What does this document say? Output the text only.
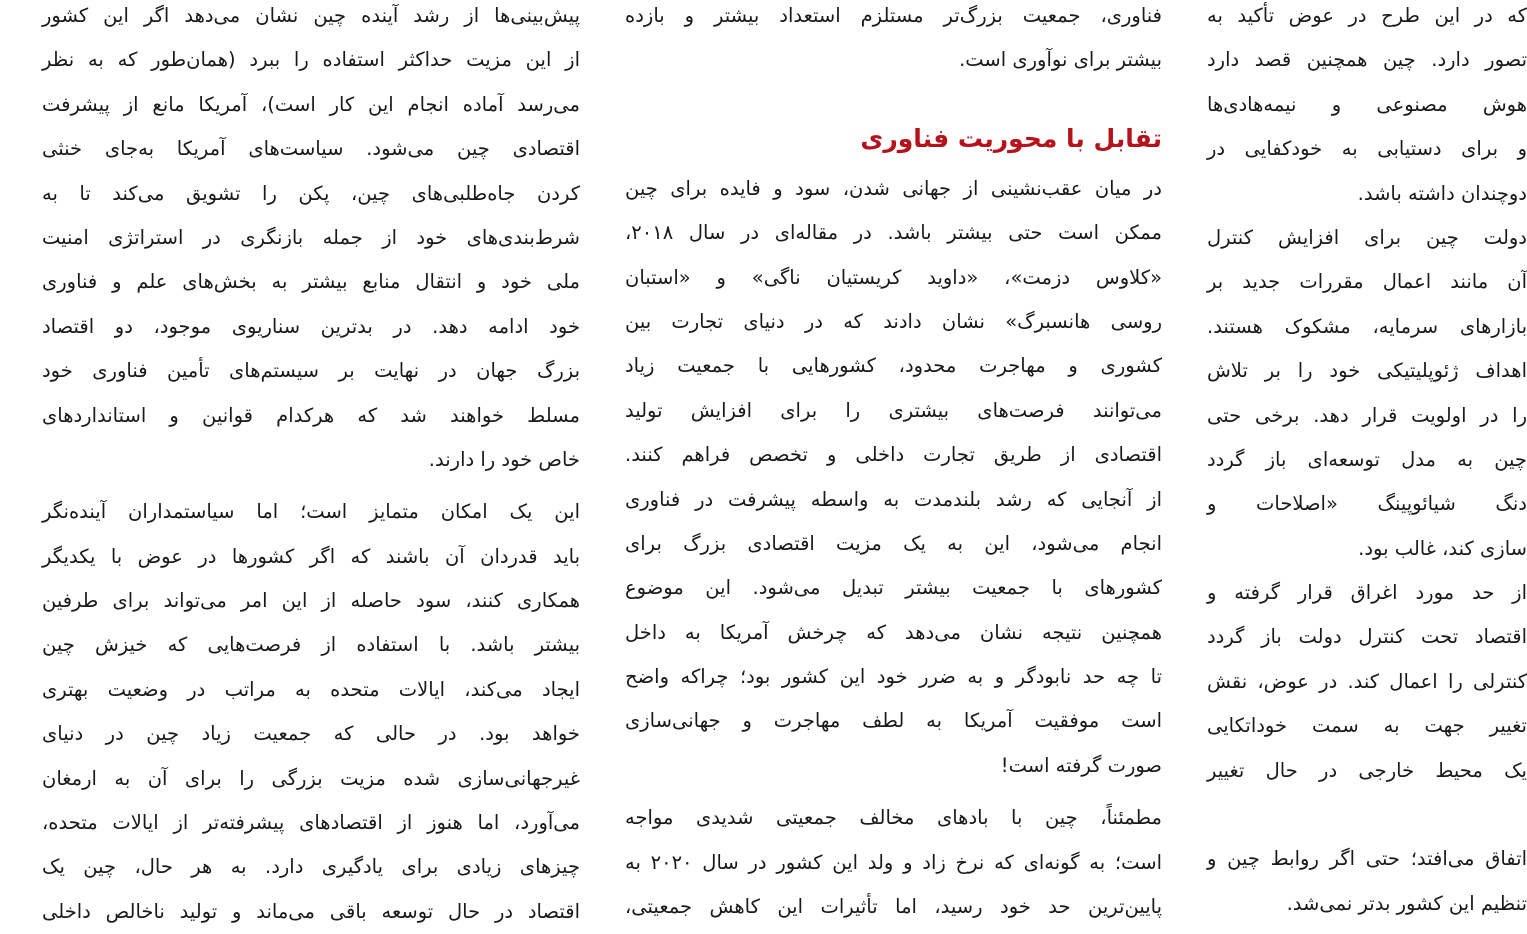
پیش‌بینی‌ها از رشد آینده چین نشان می‌دهد اگر این کشور
از این مزیت حداکثر استفاده را ببرد (همان‌طور که به نظر
می‌رسد آماده انجام این کار است)، آمریکا مانع از پیشرفت
اقتصادی چین می‌شود. سیاست‌های آمریکا به‌جای خنثی
کردن جاه‌طلبی‌های چین، پکن را تشویق می‌کند تا به
شرط‌بندی‌های خود از جمله بازنگری در استراتژی امنیت
ملی خود و انتقال منابع بیشتر به بخش‌های علم و فناوری
خود ادامه دهد. در بدترین سناریوی موجود، دو اقتصاد
بزرگ جهان در نهایت بر سیستم‌های تأمین فناوری خود
مسلط خواهند شد که هرکدام قوانین و استانداردهای
خاص خود را دارند.
این یک امکان متمایز است؛ اما سیاستمداران آینده‌نگر
باید قدردان آن باشند که اگر کشورها در عوض با یکدیگر
همکاری کنند، سود حاصله از این امر می‌تواند برای طرفین
بیشتر باشد. با استفاده از فرصت‌هایی که خیزش چین
ایجاد می‌کند، ایالات متحده به مراتب در وضعیت بهتری
خواهد بود. در حالی که جمعیت زیاد چین در دنیای
غیرجهانی‌سازی شده مزیت بزرگی را برای آن به ارمغان
می‌آورد، اما هنوز از اقتصادهای پیشرفته‌تر از ایالات متحده،
چیزهای زیادی برای یادگیری دارد. به هر حال، چین یک
اقتصاد در حال توسعه باقی می‌ماند و تولید ناخالص داخلی
فناوری، جمعیت بزرگ‌تر مستلزم استعداد بیشتر و بازده
بیشتر برای نوآوری است.
تقابل با محوریت فناوری
در میان عقب‌نشینی از جهانی شدن، سود و فایده برای چین
ممکن است حتی بیشتر باشد. در مقاله‌ای در سال ۲۰۱۸،
«کلاوس دزمت»، «داوید کریستیان ناگی» و «استبان
روسی هانسبرگ» نشان دادند که در دنیای تجارت بین
کشوری و مهاجرت محدود، کشورهایی با جمعیت زیاد
می‌توانند فرصت‌های بیشتری را برای افزایش تولید
اقتصادی از طریق تجارت داخلی و تخصص فراهم کنند.
از آنجایی که رشد بلندمدت به واسطه پیشرفت در فناوری
انجام می‌شود، این به یک مزیت اقتصادی بزرگ برای
کشورهای با جمعیت بیشتر تبدیل می‌شود. این موضوع
همچنین نتیجه نشان می‌دهد که چرخش آمریکا به داخل
تا چه حد نابودگر و به ضرر خود این کشور بود؛ چراکه واضح
است موفقیت آمریکا به لطف مهاجرت و جهانی‌سازی
صورت گرفته است!
مطمئناً، چین با بادهای مخالف جمعیتی شدیدی مواجه
است؛ به گونه‌ای که نرخ زاد و ولد این کشور در سال ۲۰۲۰ به
پایین‌ترین حد خود رسید، اما تأثیرات این کاهش جمعیتی،
که در این طرح در عوض تأکید به
تصور دارد. چین همچنین قصد دارد
هوش مصنوعی و نیمه‌هادی‌ها
و برای دستیابی به خودکفایی در
دوچندان داشته باشد.
دولت چین برای افزایش کنترل
آن مانند اعمال مقررات جدید بر
بازارهای سرمایه، مشکوک هستند.
اهداف ژئوپلیتیکی خود را بر تلاش
را در اولویت قرار دهد. برخی حتی
چین به مدل توسعه‌ای باز گردد
دنگ شیائوپینگ «اصلاحات و
سازی کند، غالب بود.
از حد مورد اغراق قرار گرفته و
اقتصاد تحت کنترل دولت باز گردد
کنترلی را اعمال کند. در عوض، نقش
تغییر جهت به سمت خوداتکایی
یک محیط خارجی در حال تغییر
اتفاق می‌افتد؛ حتی اگر روابط چین و
تنظیم این کشور بدتر نمی‌شد.
